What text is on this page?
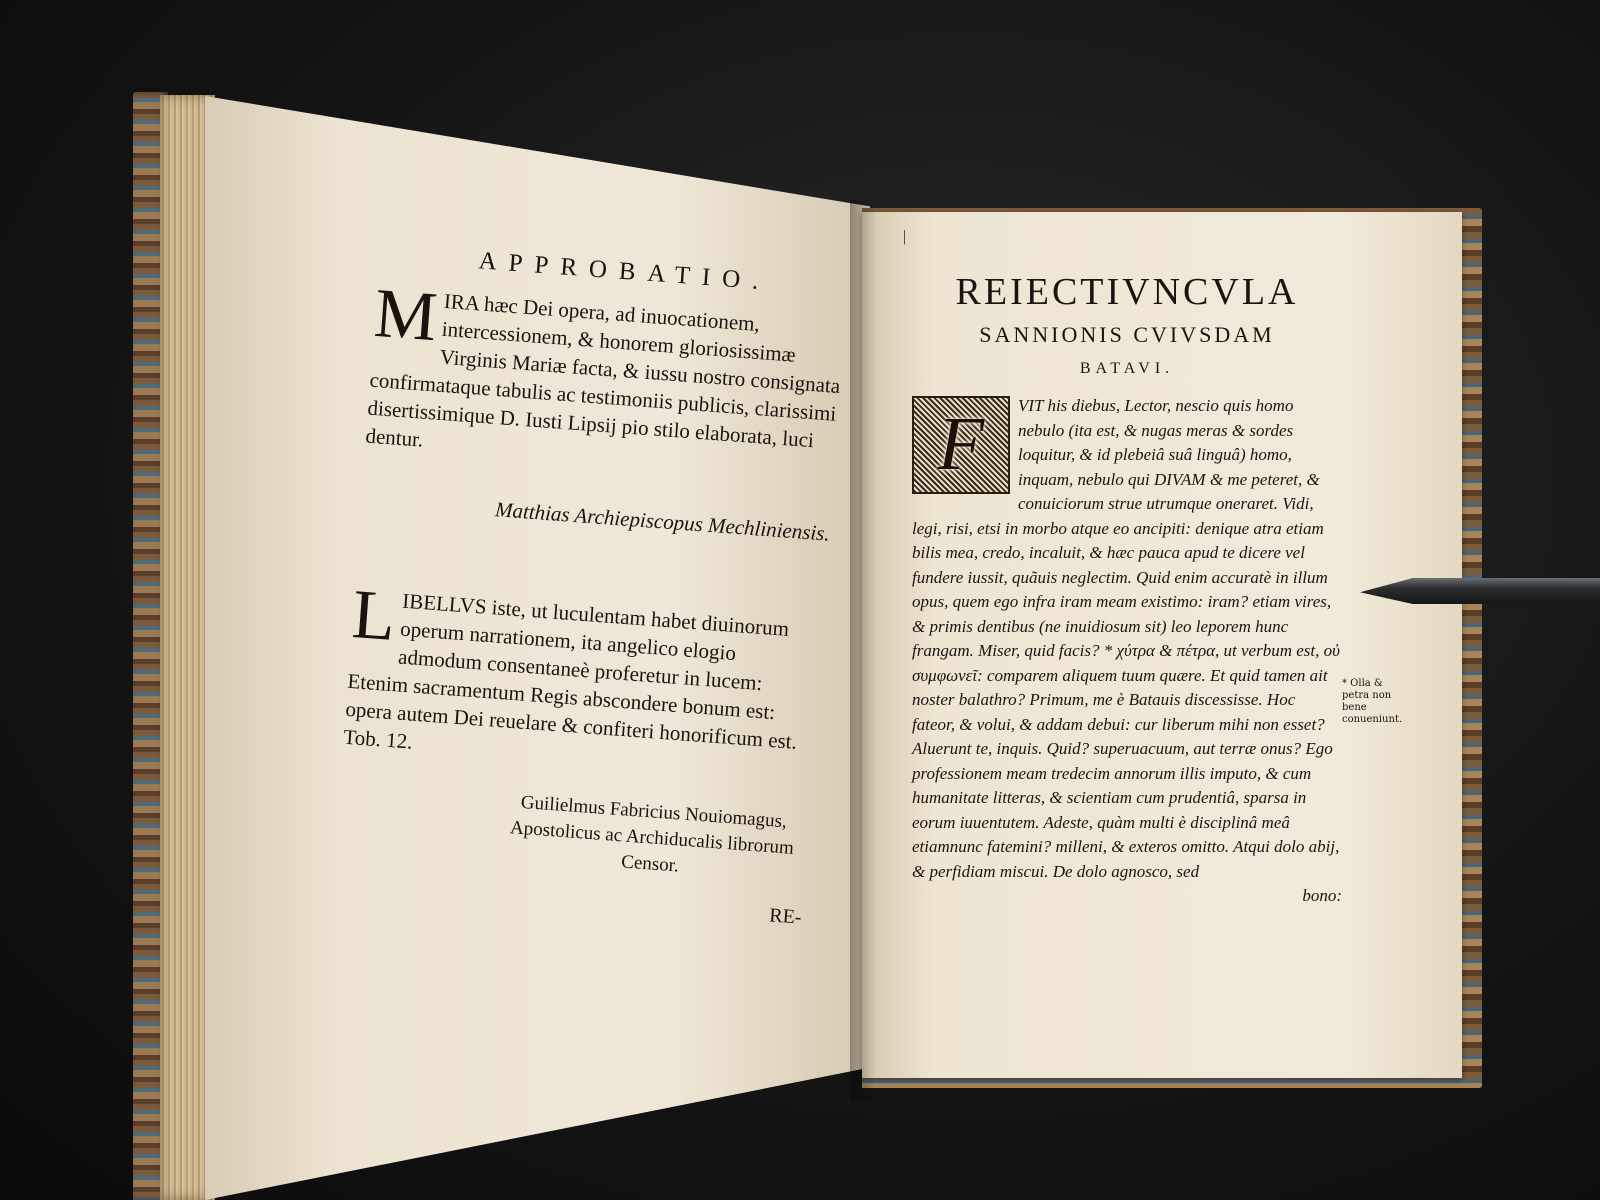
APPROBATIO.

MIRA hæc Dei opera, ad inuocationem, intercessionem, & honorem gloriosissimæ Virginis Mariæ facta, & iussu nostro consignata confirmataque tabulis ac testimoniis publicis, clarissimi disertissimique D. Iusti Lipsij pio stilo elaborata, luci dentur.

Matthias Archiepiscopus Mechliniensis.

LIBELLVS iste, ut luculentam habet diuinorum operum narrationem, ita angelico elogio admodum consentaneè proferetur in lucem: Etenim sacramentum Regis abscondere bonum est: opera autem Dei reuelare & confiteri honorificum est. Tob. 12.

Guilielmus Fabricius Nouiomagus, Apostolicus ac Archiducalis librorum Censor.

RE-

|

REIECTIVNCVLA

SANNIONIS CVIVSDAM

BATAVI.

F	VIT his diebus, Lector, nescio quis homo nebulo (ita est, & nugas meras & sordes loquitur, & id plebeiâ suâ linguâ) homo, inquam, nebulo qui DIVAM & me peteret, & conuiciorum strue utrumque oneraret. Vidi, legi, risi, etsi in morbo atque eo ancipiti: denique atra etiam bilis mea, credo, incaluit, & hæc pauca apud te dicere vel fundere iussit, quãuis neglectim. Quid enim accuratè in illum opus, quem ego infra iram meam existimo: iram? etiam vires, & primis dentibus (ne inuidiosum sit) leo leporem hunc frangam. Miser, quid facis? * χύτρα & πέτρα, ut verbum est, οὐ συμφωνεῖ: comparem aliquem tuum quære. Et quid tamen ait noster balathro? Primum, me è Batauis discessisse. Hoc fateor, & volui, & addam debui: cur liberum mihi non esset? Aluerunt te, inquis. Quid? superuacuum, aut terræ onus? Ego professionem meam tredecim annorum illis imputo, & cum humanitate litteras, & scientiam cum prudentiâ, sparsa in eorum iuuentutem. Adeste, quàm multi è disciplinâ meâ etiamnunc fatemini? milleni, & exteros omitto. Atqui dolo abij, & perfidiam miscui. De dolo agnosco, sed

bono:

* Olla & petra non bene conueniunt.
